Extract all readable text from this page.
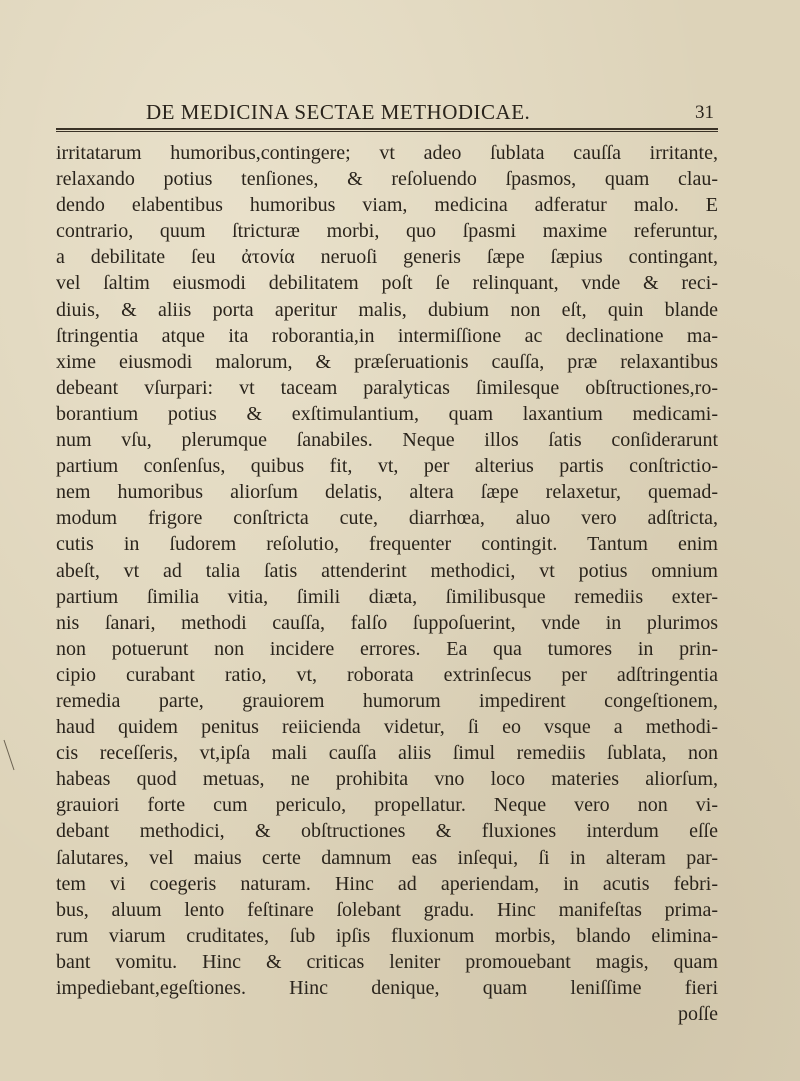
DE MEDICINA SECTAE METHODICAE.	31
irritatarum humoribus,contingere; vt adeo ſublata cauſſa irritante,
relaxando potius tenſiones, & reſoluendo ſpasmos, quam clau-
dendo elabentibus humoribus viam, medicina adferatur malo. E
contrario, quum ſtricturæ morbi, quo ſpasmi maxime referuntur,
a debilitate ſeu ἀτονία neruoſi generis ſæpe ſæpius contingant,
vel ſaltim eiusmodi debilitatem poſt ſe relinquant, vnde & reci-
diuis, & aliis porta aperitur malis, dubium non eſt, quin blande
ſtringentia atque ita roborantia,in intermiſſione ac declinatione ma-
xime eiusmodi malorum, & præſeruationis cauſſa, præ relaxantibus
debeant vſurpari: vt taceam paralyticas ſimilesque obſtructiones,ro-
borantium potius & exſtimulantium, quam laxantium medicami-
num vſu, plerumque ſanabiles. Neque illos ſatis conſiderarunt
partium conſenſus, quibus fit, vt, per alterius partis conſtrictio-
nem humoribus aliorſum delatis, altera ſæpe relaxetur, quemad-
modum frigore conſtricta cute, diarrhœa, aluo vero adſtricta,
cutis in ſudorem reſolutio, frequenter contingit. Tantum enim
abeſt, vt ad talia ſatis attenderint methodici, vt potius omnium
partium ſimilia vitia, ſimili diæta, ſimilibusque remediis exter-
nis ſanari, methodi cauſſa, falſo ſuppoſuerint, vnde in plurimos
non potuerunt non incidere errores. Ea qua tumores in prin-
cipio curabant ratio, vt, roborata extrinſecus per adſtringentia
remedia parte, grauiorem humorum impedirent congeſtionem,
haud quidem penitus reiicienda videtur, ſi eo vsque a methodi-
cis receſſeris, vt,ipſa mali cauſſa aliis ſimul remediis ſublata, non
habeas quod metuas, ne prohibita vno loco materies aliorſum,
grauiori forte cum periculo, propellatur. Neque vero non vi-
debant methodici, & obſtructiones & fluxiones interdum eſſe
ſalutares, vel maius certe damnum eas inſequi, ſi in alteram par-
tem vi coegeris naturam. Hinc ad aperiendam, in acutis febri-
bus, aluum lento feſtinare ſolebant gradu. Hinc manifeſtas prima-
rum viarum cruditates, ſub ipſis fluxionum morbis, blando elimina-
bant vomitu. Hinc & criticas leniter promouebant magis, quam
impediebant,egeſtiones. Hinc denique, quam leniſſime fieri
poſſe
